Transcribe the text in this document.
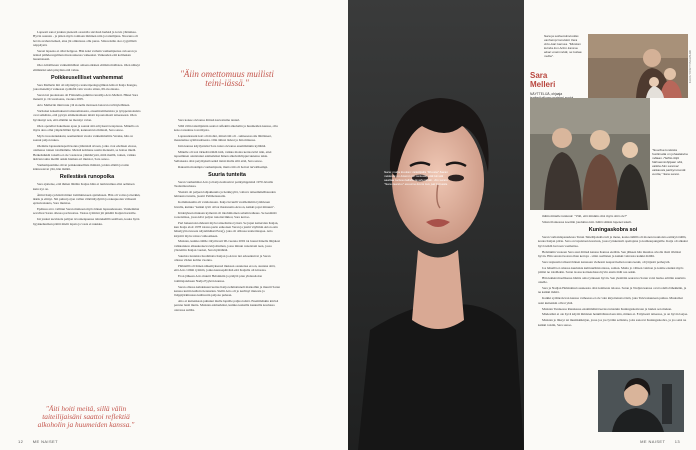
Lapsesti sanoi jonkun pienestä osastolla sievässä herkkä ja kovis yhtäaikaa. Hyvin saanuta - ja piiten myös toimaan ihminen niin ja taiteilijana. Nuoruna oli hovin avahan hetkeä, aina jäi omintassa ollu puras. Siitoreistän oleo tyypillistä reippäystä.

Sarasi lapsena ei ollut helppoa. Hän koki varhain vanhempiensa avioeron ja isänsä päihdeongelman muotoutuessa vaikeaksi. Vaikeuden että kolmekan lauantaisesti.

Oleo kiloilliesen vanhemmillesi omaan eikinen elämän mallistea. Olen näheyt elämäsäsi sekä pitsyilen että valuu.

Poikkeusellliset vanhemmat

Sara Mellerin äiti oli näytteijä ja teatteripedagogilikan lehtori Kaija Kangas, joka menehtyi vaikeaan sydänflä vain vuotta sitten, 69-vuotiaana.

Saran isä puolestaan oli Finlandia-palkittu runoilija Arto Melleri. Hänet Sara menetti jo 19-vuotiaana, vuonna 2005.

Arto Melleriin minä nuu ylä sionelle motneen lanavan ravitäytelhäsen.

Varhaiset kokemukseni taiteuomaisesta, ensemtommatsista ja työpperatoksista ovat selkäisia, että pystyn ammentamaan niistä lopoutomasti taiteessessi. Olen hyvikanyt sen, että elämän ne monnyt valon.

Olen opetellut hakemaan apua ja saanut sitä erityisesti terapiassa. Minulla on myös aina ollut ympäröilläni hyviä, kannustavia ihmisiä, Sara sanoo.

Myös tuosolenukkani, seemenänsä vuotta vanhemmaliita Veraku, hän on saanut paljon tukea.

Olemme lapsuudenspoilvuonna jäännistä aivaan, jotka ovat edelleen elossa, olemassa toinen toisillemme. Meistä kolmene saatin mennetä, se hoitaa mielä. Hetkeäsikkäi toisella ei ole vastaavaa ymmärrystä, mitä meillä, toinen, vaikka ikävien takia meillä onkin hieman eri muistot, Sara sanoo.

Vanhempasmme olivat poikkeuksellisia ihmisiä, joiden elämä ja taide kiinnostavat yhä, hän määtti.

Reilestävä runopolka

Sara ajattelee, että ihmen lähtäin Kaijaa häin ei tunluvumuu elisi aellaisen kuin nyt on.

Äitini Kaija johdatti minut lomminteseen ajattelusen. Hän oli voitsa ja herkkä, ikkäs ja elänyt. Siti puhui jotjon vallan väärtätäydytttä ja nakupuolen välisestä epäsuvaisuuta, Sara muistaa.

Epäisuu arvo vallinut Saran maikaan myös hänen lapsuudessaan. Vanhemmat sevahvat Saran ollessa parivuotias. Vastaa tyttärisä jäi pitkälti Kaijan hartoille.

Isä jonkai teevistele palijon tavoinenpuessa talntekelillä sesillaan, koska hyön hyykkeluuman päätti mielä lapsia ja vasta ei nuukka.

"Äiin omettomuus muilisti teini-iässä."
"Äiti hoiti meitä, sillä välin taiteilijaisäni saattoi reflektiä alkoholin ja huumeiden kanssa."

Sara kokee olevansa äitinsä kasvattama tanteri.

Sillä välin taiteilijaisän saattoi reflektiä alkohalin ja huumeiden kanssa, ollu koko tarasinne tovermysta.

Lapsuudessani koti oli mollet, minsä äiti oli - suhteeessa sik lähtöineet, maustamaa symbiositisesta. Olin äitinsi äidesi ja hän minussa.

Isän kanssa käydysäsäsi Sara tunsi olevansa enemmänkin kyllämä.

Minulle oli tosi tärkeää nähdä isää, vaikka monta kertaa kävi niin, ettei tapaaminen onnistunut esimerkiksi hänen alkoholiriippuvuutensa takia. Sellaisesta olisi petymyksiä seikä tietsä mulle silti etää, Sara sanoo.

Rakastin molempia vanhempiani, mutta äiti oli hoitoä turvallisempi.

Suuria tunteita

Saran vanhemmat Arto ja Kaija kohtasivat parikymppisinä 1970-luvulla Teatterikoulussa.

Yksistä oli paljeen lahjakkuutta ja herkkyyttä, valtava taiteemmellisuuden lehtausta tunsita, jaasirt Peltiäensssaila.

Kommunaalin eli vanhoissaan. Kaija luvuulli vuolliemmin tyttäriesen luvulle, kuinka "kaikki tytöt olivat ihastuneita Artoon, kaikki pojat minuun".

Kädetyksen mukaan kymersä oli intohimoinen salamavalkaus. Se kesmätti rooteisiinsa, jossa kävi paljon runoiteviikkoi, Sara kertoo.

Pari hakeutoisi ehdessä myös taiteeltaitsa työssä. Se juput kaiterslen Kaijan, kun Kaija aloit 1978 toistaa parin esikoisen Veran ja jasmi väylimin Arton esin hänelyyän runoata näytelmäksä Pere(), joka oli ollissaa teatteritaapaa. Arto kirjoitti myös toinsa valkoaikeen.

Muistan, kuinka äitille riitymvasti 90-vuonna 2002 tai luussi hänelle lähjalesi valkkaiskon alkuakoskeva kirjoittaman, jossa minun runoistani teen, jossa yliotettiin Kaijan vuoksi, Sara hymähtää.

Suurista tunteista huolimatta Kaijan ja Arton tiet erkaantuivat ja Saran ollessa viiden kolme vuonna.

Päihteillä oli hänen näkemyksessä mukaan osuutensa eroon, suutena sittä, että Arto villitti tyttäriä, jonka kanssapäivänä että Kaijalla oli kirastaa.

Eron jälkeen Arto muutti Helsinkiin ja pääytti pian yhdessäolon toimitajandasen Nadja Pyykön kanssa.

Saran ollessa kahdeksanvuotias Kaija tehmattuneli matkoihin ja muutti Saran kanssa kuirin kulloin tietensäan. Siellä Arto oli jo kerlinyt mutesta ja löäppijärkituussa kulttuurin paljona puhaan.

Aito ei kuitenkaan puhunut mulle lapsille paljua isästä. Enemmänkin kävisä peruna lusiä mutta. Muistan esimerkiksi, kuinka teaksilla kuskuilla koulussa olevassa sulilta.

12 ME NAISET
Sara: mutta kuukan: taiteilijalta "Ruusia" Saran mielestä on lukemi niin tärkeää, että kä sitä saattaa tuntea kaikilla tavalla tähän. Jos sanoo "Sara taantuu" asuuma tuuns kuu pat tamasta.
Sara
Melleri
NÄYTTELIJÄ, ohjaaja
Sara ja seitsemänvuotias vanhempi isosiskoi Vera Arto-isän kanssa. "Muistan kuinka kun Arton kanssa aivan enemmistä, se kukaa mutta".
"Suuritsa tunteista huolimatta on juhaalaisina miilaan. Hehtä olitpi hälmeenä tiipjaan sitä, vaikka hän sanovat vaikausta parikymmentä vuotta," Sara sanoo.
KUVA YKSITYISALBUMI

mihin minulle tuntunut: "Viitl, että minikin olisi myös siitä ole?"

Sitten tilanteessa koettiin jouduttua isiä. Isältä sitäkin lupenei tekeli.

Kuningaskobra soi

Saran varhaislapsuudessa Turun Taiteilijaisalla tuli ja mene, koska äidillä oli monen tuokioista esiintyä täällä, koska Kaijan piirte. Sara on lapsistaan kasvuun, jossa työskenteli opettajana ja kotikaupungeille. Kaija oli alkaksi hyvä tehdä luovaan vaamattaa.

Helsinkiin vuoteen Sara asui äitinsä kanssa Kanssa etelään. Sen jälkeen hän muuttaa aivolla tästä tiiviiksi hyvin. Hän sanoisi kotona ihan kertoja - siinä osallisten ja kaikki vahvasta kaikki äidillä.

Sara taajuusin taltsesti hänen kanssaan viehessä naapuri kelien reuna keski, oli järjestä perheystä.

Jos hänellä ei omassa kuuluisia kulttuurihistoriassa, saman. Mutta jo välisen vaimon ja kolme ensiksi myös pitäisi ne toisillekin. Saran isossa kotiseudussa hyvin ensin äidit saa sekin.

Hän kaikki maallisessa hämis oma työkseen hyvin. Sen yksittäin seuraava Saran voisi laulaa erittäin suurinta oleelle.

Sara ja Nadjan Helsinkissä asuneesta olisi kolmesta talossa. Saran ja Nadjan kanssa ovat todella lähekkäin, ja ne kaikki mäsiä.

Kaikki sydänrolevan kanssa vaiheessa ei ole vain kirjoitetusta tästä, joka Tulevaisuuteen puhuu. Muutamat asiat kuitenkin olivat yhtä.

Muistan Tuntuessa Ranskassa ensimmäistä kertaa tutustuin Kuningaskobraan ja luulen sen mekan.

Mielestäni ei ole hyvä käydä ihmisten henkilöhistoriaan niin, minun ei. Erityisesti taiteessa, ja on hyvin laajaa.

Muistan jo läksyt tai musiikkikirjan, jossa jos jos lyötiin sellaisia, joita sanovat Kuningaskobra, ja jos saisi ne kaikki toisiin, Sara sanoo.

ME NAISET 13
